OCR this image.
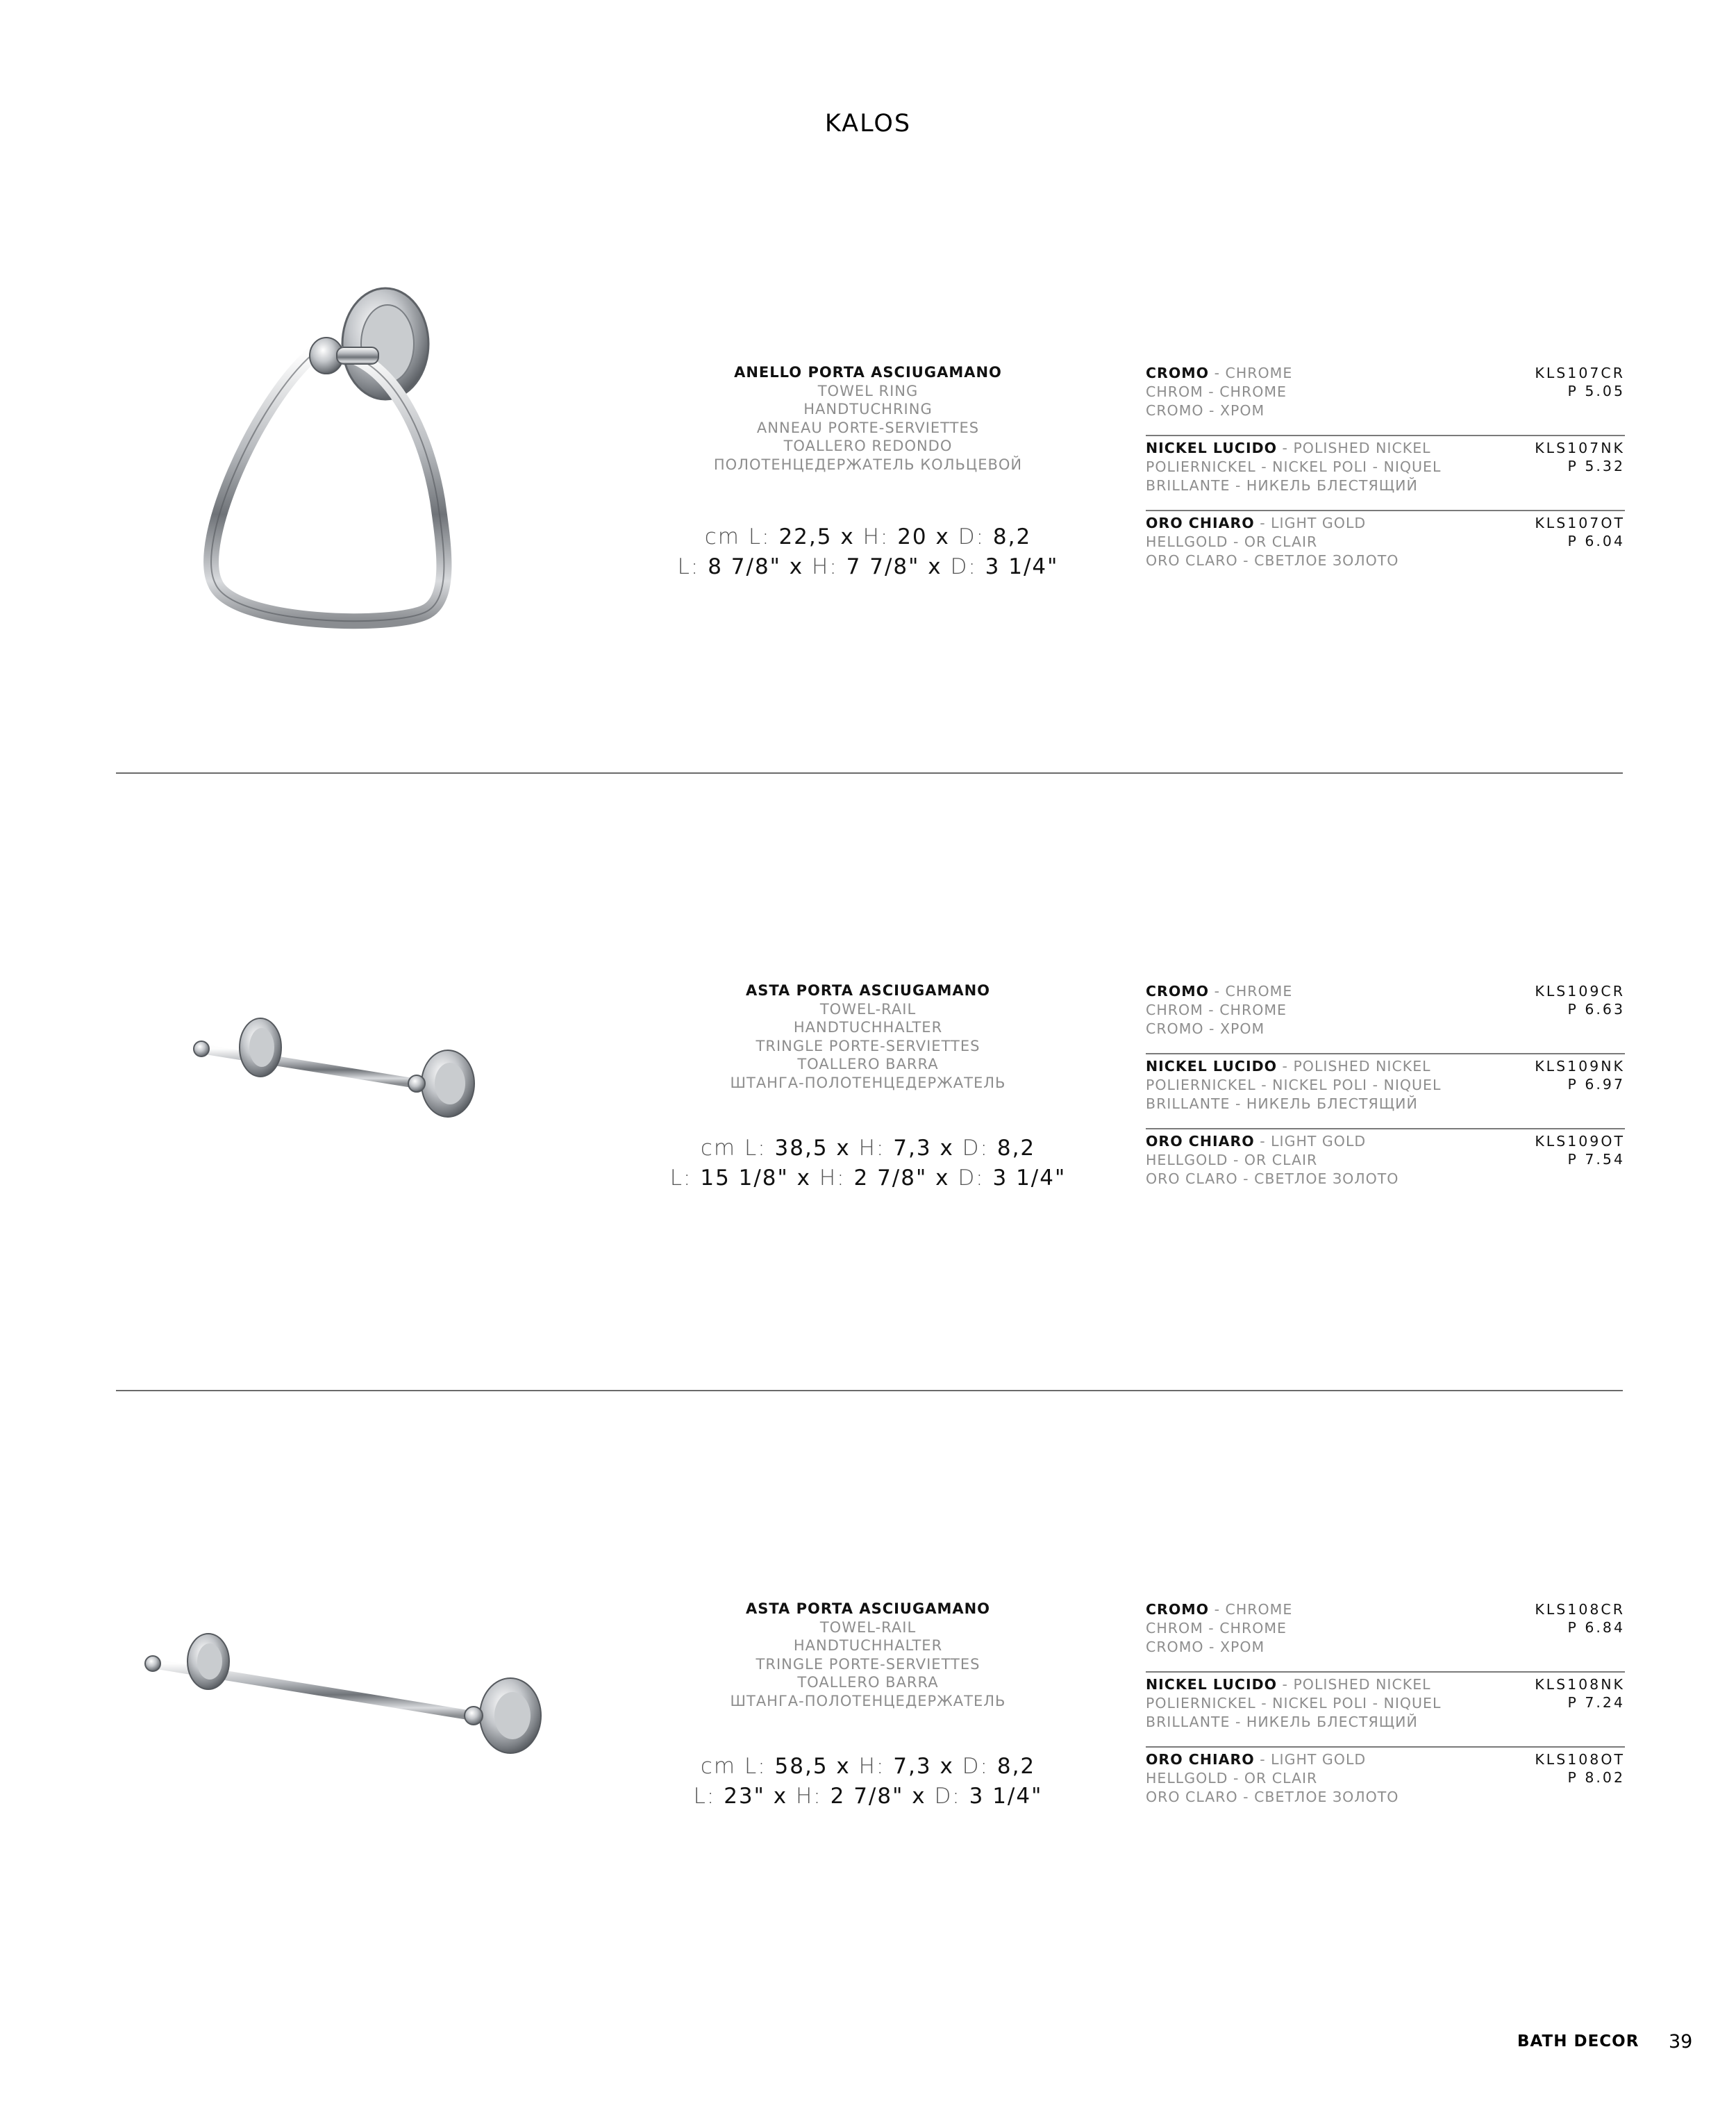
KALOS
ANELLO PORTA ASCIUGAMANO
TOWEL RING
HANDTUCHRING
ANNEAU PORTE-SERVIETTES
TOALLERO REDONDO
ПОЛОТЕНЦЕДЕРЖАТЕЛЬ КОЛЬЦЕВОЙ
cm L: 22,5 x H: 20 x D: 8,2
L: 8 7/8" x H: 7 7/8" x D: 3 1/4"
CROMO - CHROME
CHROM - CHROME
CROMO - ХРОМ
KLS107CR
P 5.05
NICKEL LUCIDO - POLISHED NICKEL
POLIERNICKEL - NICKEL POLI - NIQUEL
BRILLANTE - НИКЕЛЬ БЛЕСТЯЩИЙ
KLS107NK
P 5.32
ORO CHIARO - LIGHT GOLD
HELLGOLD - OR CLAIR
ORO CLARO - СВЕТЛОЕ ЗОЛОТО
KLS107OT
P 6.04
ASTA PORTA ASCIUGAMANO
TOWEL-RAIL
HANDTUCHHALTER
TRINGLE PORTE-SERVIETTES
TOALLERO BARRA
ШТАНГА-ПОЛОТЕНЦЕДЕРЖАТЕЛЬ
cm L: 38,5 x H: 7,3 x D: 8,2
L: 15 1/8" x H: 2 7/8" x D: 3 1/4"
CROMO - CHROME
CHROM - CHROME
CROMO - ХРОМ
KLS109CR
P 6.63
NICKEL LUCIDO - POLISHED NICKEL
POLIERNICKEL - NICKEL POLI - NIQUEL
BRILLANTE - НИКЕЛЬ БЛЕСТЯЩИЙ
KLS109NK
P 6.97
ORO CHIARO - LIGHT GOLD
HELLGOLD - OR CLAIR
ORO CLARO - СВЕТЛОЕ ЗОЛОТО
KLS109OT
P 7.54
ASTA PORTA ASCIUGAMANO
TOWEL-RAIL
HANDTUCHHALTER
TRINGLE PORTE-SERVIETTES
TOALLERO BARRA
ШТАНГА-ПОЛОТЕНЦЕДЕРЖАТЕЛЬ
cm L: 58,5 x H: 7,3 x D: 8,2
L: 23" x H: 2 7/8" x D: 3 1/4"
CROMO - CHROME
CHROM - CHROME
CROMO - ХРОМ
KLS108CR
P 6.84
NICKEL LUCIDO - POLISHED NICKEL
POLIERNICKEL - NICKEL POLI - NIQUEL
BRILLANTE - НИКЕЛЬ БЛЕСТЯЩИЙ
KLS108NK
P 7.24
ORO CHIARO - LIGHT GOLD
HELLGOLD - OR CLAIR
ORO CLARO - СВЕТЛОЕ ЗОЛОТО
KLS108OT
P 8.02
BATH DECOR 39
